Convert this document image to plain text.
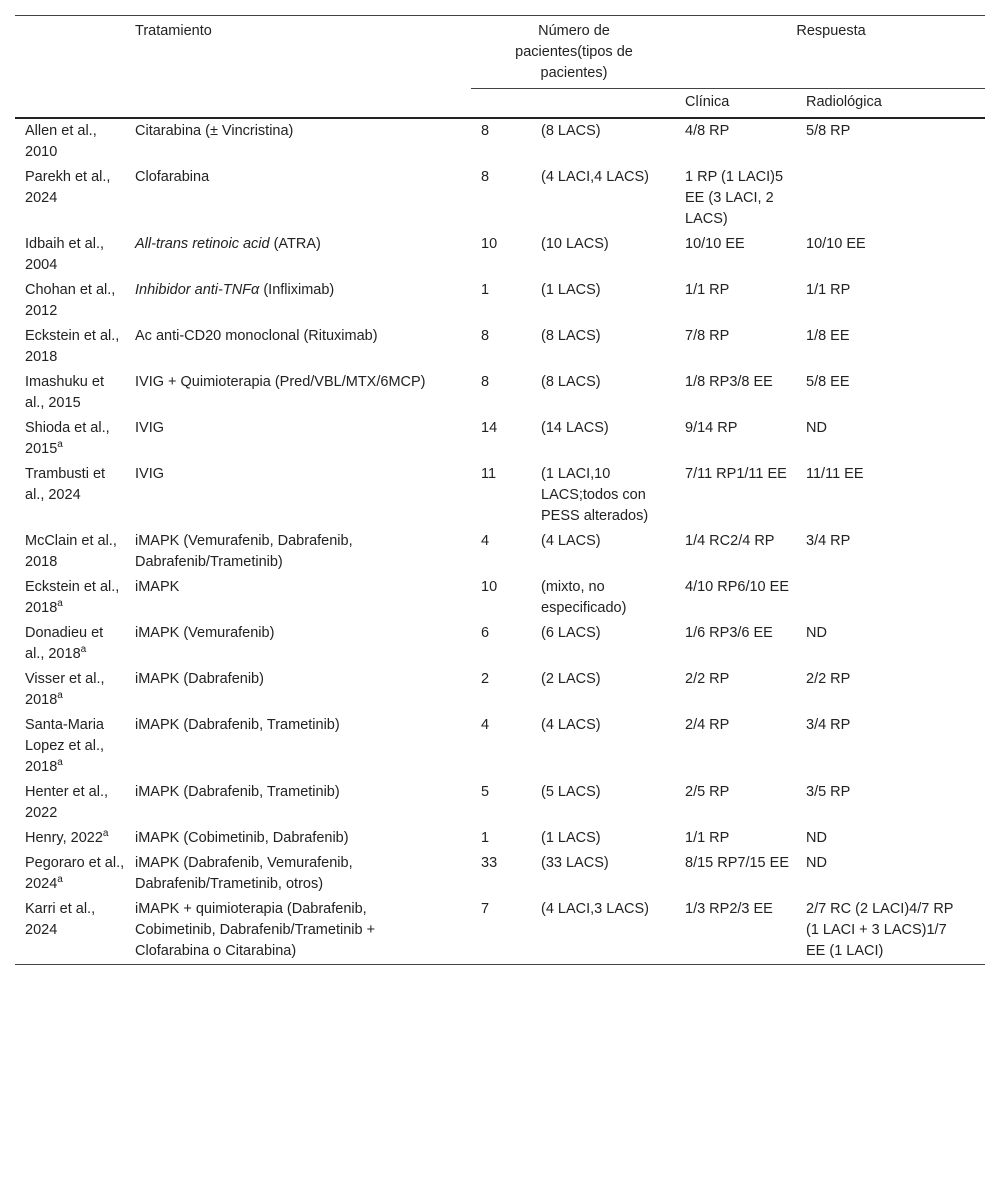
	Tratamiento	Número de pacientes(tipos de pacientes)		Respuesta	
				Clínica	Radiológica
Allen et al., 2010	Citarabina (± Vincristina)	8	(8 LACS)	4/8 RP	5/8 RP
Parekh et al., 2024	Clofarabina	8	(4 LACI,4 LACS)	1 RP (1 LACI)5 EE (3 LACI, 2 LACS)	
Idbaih et al., 2004	All-trans retinoic acid (ATRA)	10	(10 LACS)	10/10 EE	10/10 EE
Chohan et al., 2012	Inhibidor anti-TNFα (Infliximab)	1	(1 LACS)	1/1 RP	1/1 RP
Eckstein et al., 2018	Ac anti-CD20 monoclonal (Rituximab)	8	(8 LACS)	7/8 RP	1/8 EE
Imashuku et al., 2015	IVIG + Quimioterapia (Pred/VBL/MTX/6MCP)	8	(8 LACS)	1/8 RP3/8 EE	5/8 EE
Shioda et al., 2015$^a$	IVIG	14	(14 LACS)	9/14 RP	ND
Trambusti et al., 2024	IVIG	11	(1 LACI,10 LACS;todos con PESS alterados)	7/11 RP1/11 EE	11/11 EE
McClain et al., 2018	iMAPK (Vemurafenib, Dabrafenib, Dabrafenib/Trametinib)	4	(4 LACS)	1/4 RC2/4 RP	3/4 RP
Eckstein et al., 2018$^a$	iMAPK	10	(mixto, no especificado)	4/10 RP6/10 EE	
Donadieu et al., 2018$^a$	iMAPK (Vemurafenib)	6	(6 LACS)	1/6 RP3/6 EE	ND
Visser et al., 2018$^a$	iMAPK (Dabrafenib)	2	(2 LACS)	2/2 RP	2/2 RP
Santa-Maria Lopez et al., 2018$^a$	iMAPK (Dabrafenib, Trametinib)	4	(4 LACS)	2/4 RP	3/4 RP
Henter et al., 2022	iMAPK (Dabrafenib, Trametinib)	5	(5 LACS)	2/5 RP	3/5 RP
Henry, 2022$^a$	iMAPK (Cobimetinib, Dabrafenib)	1	(1 LACS)	1/1 RP	ND
Pegoraro et al., 2024$^a$	iMAPK (Dabrafenib, Vemurafenib, Dabrafenib/Trametinib, otros)	33	(33 LACS)	8/15 RP7/15 EE	ND
Karri et al., 2024	iMAPK + quimioterapia (Dabrafenib, Cobimetinib, Dabrafenib/Trametinib + Clofarabina o Citarabina)	7	(4 LACI,3 LACS)	1/3 RP2/3 EE	2/7 RC (2 LACI)4/7 RP (1 LACI + 3 LACS)1/7 EE (1 LACI)
